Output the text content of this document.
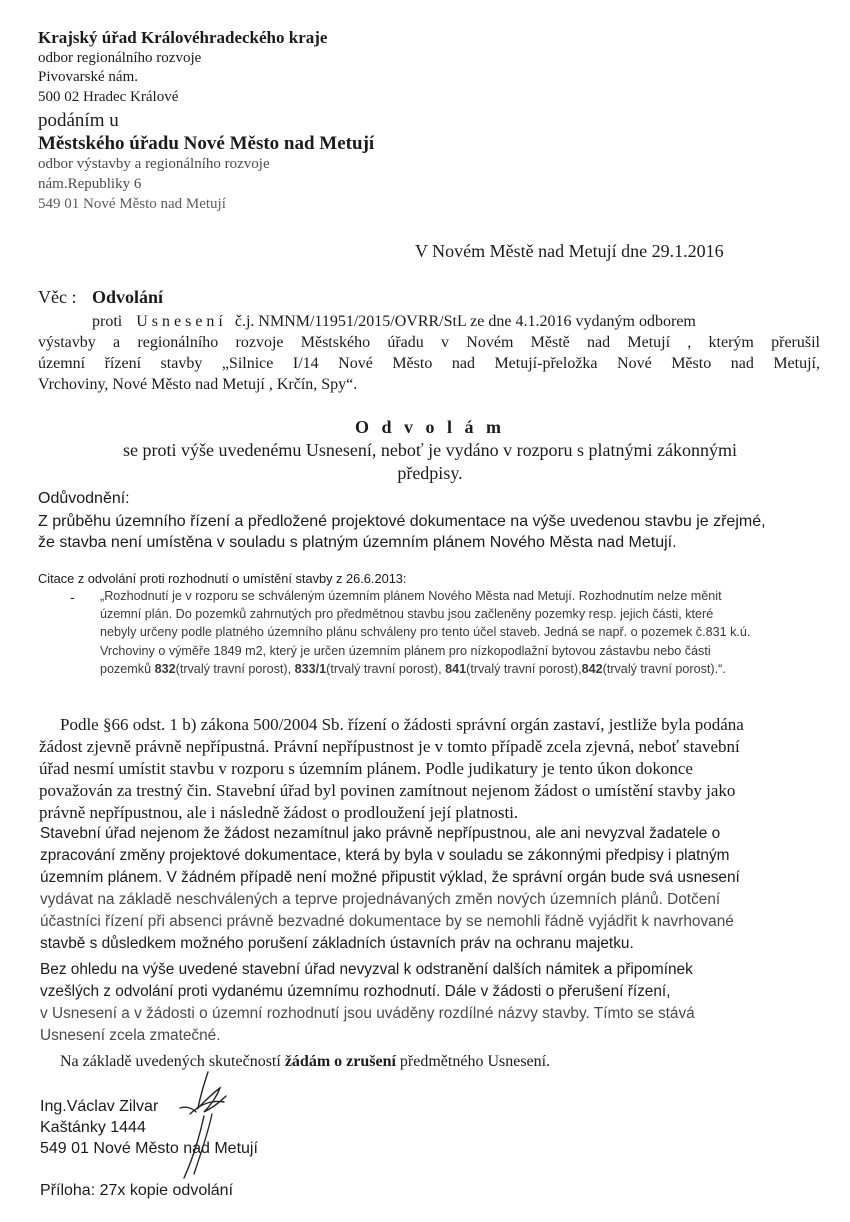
Krajský úřad Královéhradeckého kraje
odbor regionálního rozvoje
Pivovarské nám.
500 02 Hradec Králové
podáním u
Městského úřadu Nové Město nad Metují
odbor výstavby a regionálního rozvoje
nám.Republiky 6
549 01 Nové Město nad Metují
V Novém Městě nad Metují dne 29.1.2016
Věc : Odvolání
proti U s n e s e n í č.j. NMNM/11951/2015/OVRR/StL ze dne 4.1.2016 vydaným odborem
výstavby a regionálního rozvoje Městského úřadu v Novém Městě nad Metují , kterým přerušil
územní řízení stavby „Silnice I/14 Nové Město nad Metují-přeložka Nové Město nad Metují,
Vrchoviny, Nové Město nad Metují , Krčín, Spy“.
O d v o l á m
se proti výše uvedenému Usnesení, neboť je vydáno v rozporu s platnými zákonnými
předpisy.
Odůvodnění:
Z průběhu územního řízení a předložené projektové dokumentace na výše uvedenou stavbu je zřejmé,
že stavba není umístěna v souladu s platným územním plánem Nového Města nad Metují.
Citace z odvolání proti rozhodnutí o umístění stavby z 26.6.2013:
- „Rozhodnutí je v rozporu se schváleným územním plánem Nového Města nad Metují. Rozhodnutím nelze měnit
územní plán. Do pozemků zahrnutých pro předmětnou stavbu jsou začleněny pozemky resp. jejich části, které
nebyly určeny podle platného územního plánu schváleny pro tento účel staveb. Jedná se např. o pozemek č.831 k.ú.
Vrchoviny o výměře 1849 m2, který je určen územním plánem pro nízkopodlažní bytovou zástavbu nebo části
pozemků 832(trvalý travní porost), 833/1(trvalý travní porost), 841(trvalý travní porost),842(trvalý travní porost).“.
Podle §66 odst. 1 b) zákona 500/2004 Sb. řízení o žádosti správní orgán zastaví, jestliže byla podána
žádost zjevně právně nepřípustná. Právní nepřípustnost je v tomto případě zcela zjevná, neboť stavební
úřad nesmí umístit stavbu v rozporu s územním plánem. Podle judikatury je tento úkon dokonce
považován za trestný čin. Stavební úřad byl povinen zamítnout nejenom žádost o umístění stavby jako
právně nepřípustnou, ale i následně žádost o prodloužení její platnosti.
Stavební úřad nejenom že žádost nezamítnul jako právně nepřípustnou, ale ani nevyzval žadatele o
zpracování změny projektové dokumentace, která by byla v souladu se zákonnými předpisy i platným
územním plánem. V žádném případě není možné připustit výklad, že správní orgán bude svá usnesení
vydávat na základě neschválených a teprve projednávaných změn nových územních plánů. Dotčení
účastníci řízení při absenci právně bezvadné dokumentace by se nemohli řádně vyjádřit k navrhované
stavbě s důsledkem možného porušení základních ústavních práv na ochranu majetku.
Bez ohledu na výše uvedené stavební úřad nevyzval k odstranění dalších námitek a připomínek
vzešlých z odvolání proti vydanému územnímu rozhodnutí. Dále v žádosti o přerušení řízení,
v Usnesení a v žádosti o územní rozhodnutí jsou uváděny rozdílné názvy stavby. Tímto se stává
Usnesení zcela zmatečné.
Na základě uvedených skutečností žádám o zrušení předmětného Usnesení.
Ing.Václav Zilvar
Kaštánky 1444
549 01 Nové Město nad Metují
Příloha: 27x kopie odvolání
